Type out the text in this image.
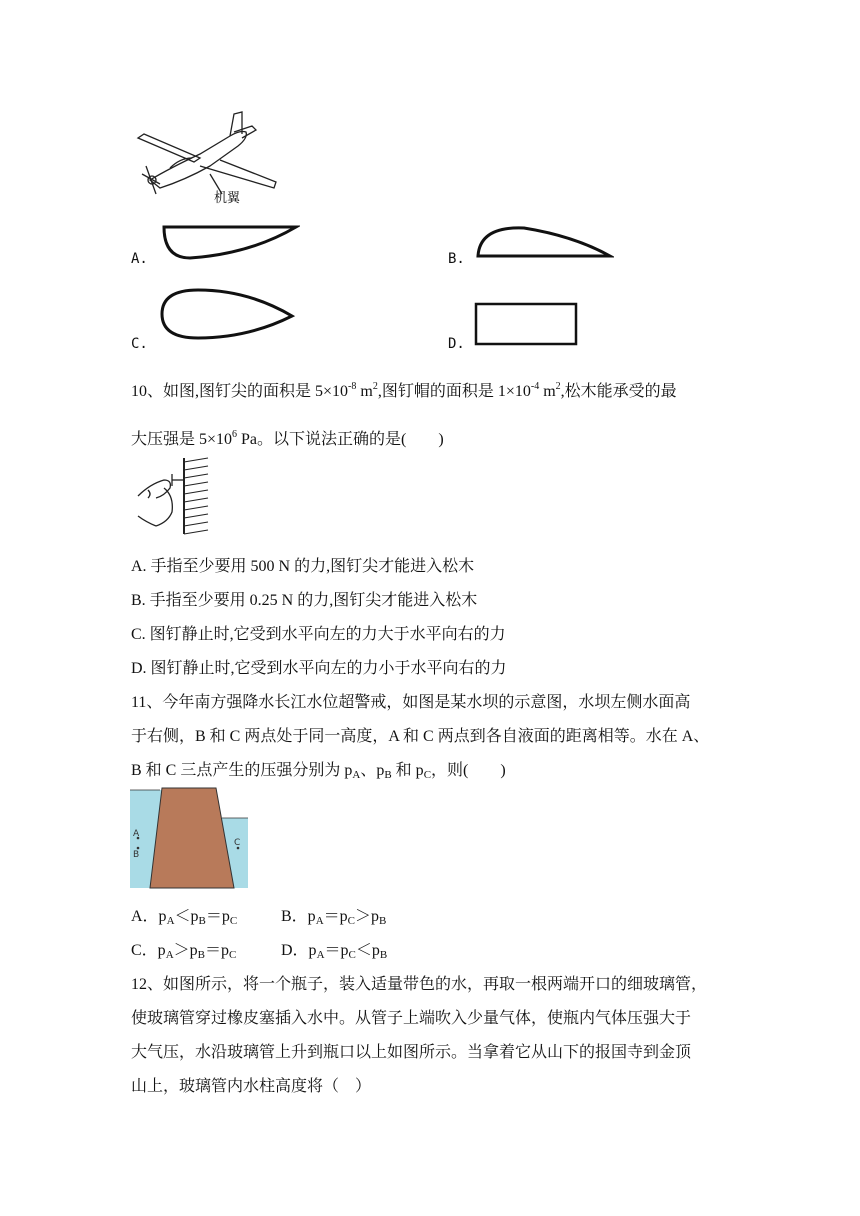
机翼
A.	B.
C.	D.
10、如图,图钉尖的面积是 $5\times 10^{-8}$ $m^2$,图钉帽的面积是 $1\times 10^{-4}$ $m^2$,松木能承受的最
大压强是 $5\times 10^6$ Pa。以下说法正确的是(　　)
A. 手指至少要用 500 N 的力,图钉尖才能进入松木
B. 手指至少要用 0.25 N 的力,图钉尖才能进入松木
C. 图钉静止时,它受到水平向左的力大于水平向右的力
D. 图钉静止时,它受到水平向左的力小于水平向右的力
11、今年南方强降水长江水位超警戒，如图是某水坝的示意图，水坝左侧水面高
于右侧，B 和 C 两点处于同一高度，A 和 C 两点到各自液面的距离相等。水在 A、
B 和 C 三点产生的压强分别为 $p_A$、$p_B$ 和 $p_C$，则(　　)
A
B
C
A．$p_A<p_B=p_C$	B．$p_A=p_C>p_B$
C．$p_A>p_B=p_C$	D．$p_A=p_C<p_B$
12、如图所示，将一个瓶子，装入适量带色的水，再取一根两端开口的细玻璃管，
使玻璃管穿过橡皮塞插入水中。从管子上端吹入少量气体，使瓶内气体压强大于
大气压，水沿玻璃管上升到瓶口以上如图所示。当拿着它从山下的报国寺到金顶
山上，玻璃管内水柱高度将（　）
